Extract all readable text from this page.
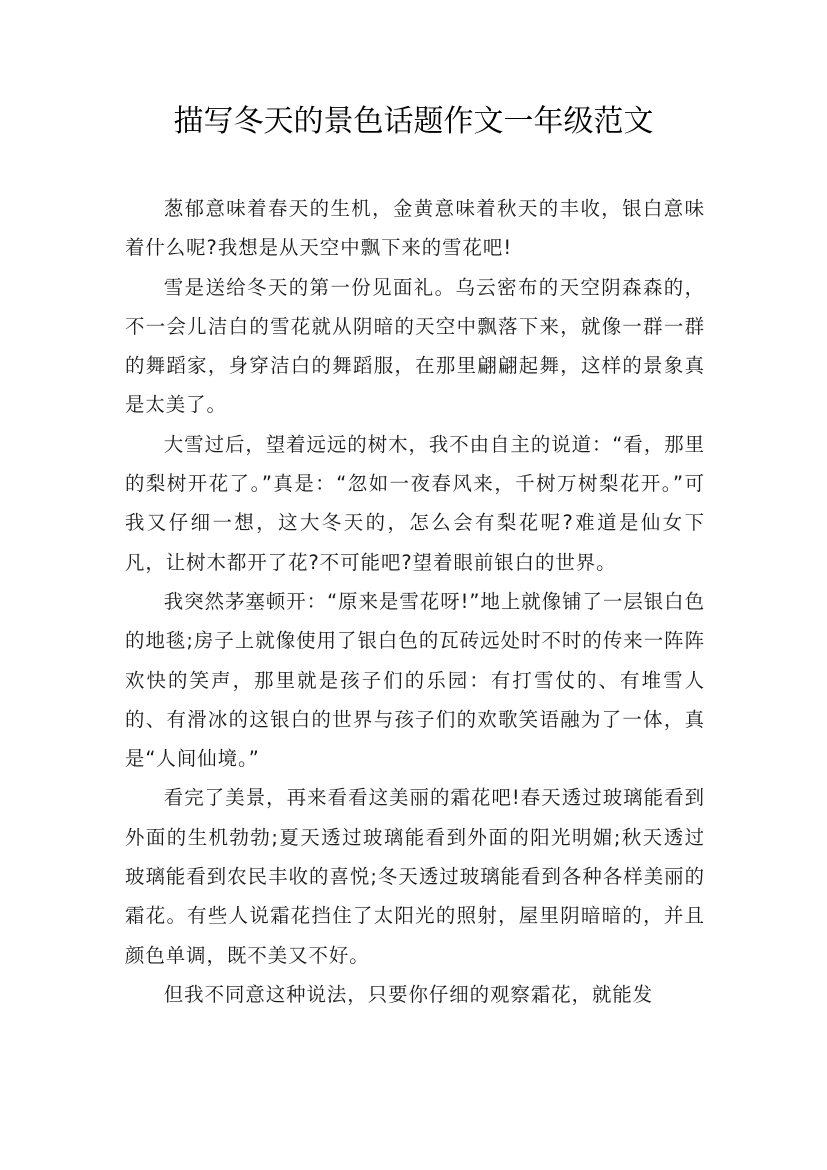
描写冬天的景色话题作文一年级范文

葱郁意味着春天的生机，金黄意味着秋天的丰收，银白意味着什么呢?我想是从天空中飘下来的雪花吧!

雪是送给冬天的第一份见面礼。乌云密布的天空阴森森的，不一会儿洁白的雪花就从阴暗的天空中飘落下来，就像一群一群的舞蹈家，身穿洁白的舞蹈服，在那里翩翩起舞，这样的景象真是太美了。

大雪过后，望着远远的树木，我不由自主的说道：“看，那里的梨树开花了。”真是：“忽如一夜春风来，千树万树梨花开。”可我又仔细一想，这大冬天的，怎么会有梨花呢?难道是仙女下凡，让树木都开了花?不可能吧?望着眼前银白的世界。

我突然茅塞顿开：“原来是雪花呀!”地上就像铺了一层银白色的地毯;房子上就像使用了银白色的瓦砖远处时不时的传来一阵阵欢快的笑声，那里就是孩子们的乐园：有打雪仗的、有堆雪人的、有滑冰的这银白的世界与孩子们的欢歌笑语融为了一体，真是“人间仙境。”

看完了美景，再来看看这美丽的霜花吧!春天透过玻璃能看到外面的生机勃勃;夏天透过玻璃能看到外面的阳光明媚;秋天透过玻璃能看到农民丰收的喜悦;冬天透过玻璃能看到各种各样美丽的霜花。有些人说霜花挡住了太阳光的照射，屋里阴暗暗的，并且颜色单调，既不美又不好。

但我不同意这种说法，只要你仔细的观察霜花，就能发
